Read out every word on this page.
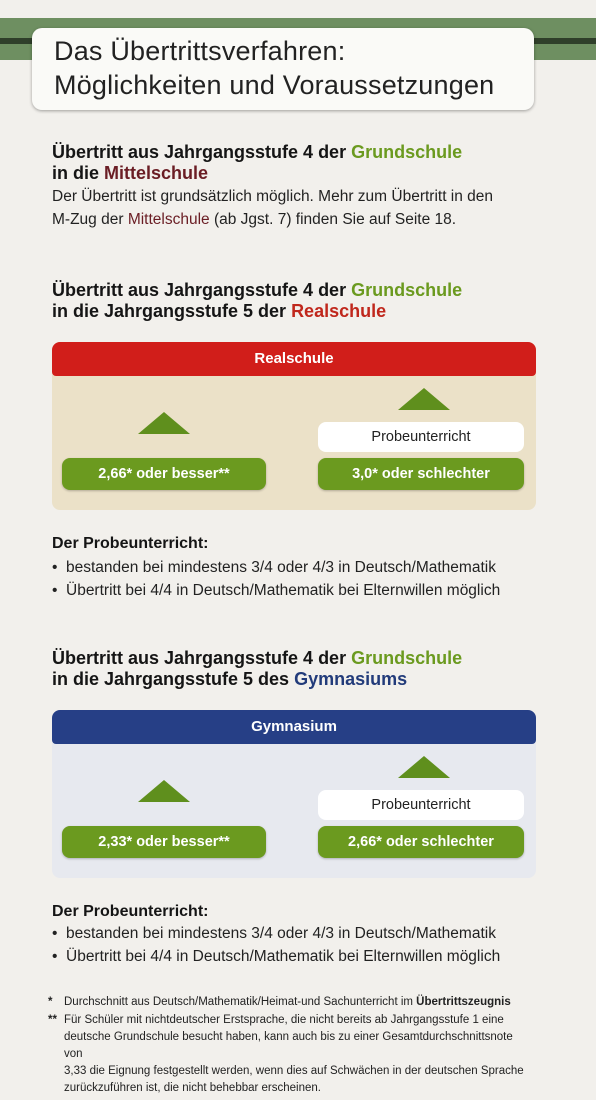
Das Übertrittsverfahren:
Möglichkeiten und Voraussetzungen
Übertritt aus Jahrgangsstufe 4 der Grundschule
in die Mittelschule
Der Übertritt ist grundsätzlich möglich. Mehr zum Übertritt in den
M-Zug der Mittelschule (ab Jgst. 7) finden Sie auf Seite 18.
Übertritt aus Jahrgangsstufe 4 der Grundschule
in die Jahrgangsstufe 5 der Realschule
Realschule
Probeunterricht
2,66* oder besser**	3,0* oder schlechter
Der Probeunterricht:
• bestanden bei mindestens 3/4 oder 4/3 in Deutsch/Mathematik
• Übertritt bei 4/4 in Deutsch/Mathematik bei Elternwillen möglich
Übertritt aus Jahrgangsstufe 4 der Grundschule
in die Jahrgangsstufe 5 des Gymnasiums
Gymnasium
Probeunterricht
2,33* oder besser**	2,66* oder schlechter
Der Probeunterricht:
• bestanden bei mindestens 3/4 oder 4/3 in Deutsch/Mathematik
• Übertritt bei 4/4 in Deutsch/Mathematik bei Elternwillen möglich
* Durchschnitt aus Deutsch/Mathematik/Heimat-und Sachunterricht im Übertrittszeugnis
** Für Schüler mit nichtdeutscher Erstsprache, die nicht bereits ab Jahrgangsstufe 1 eine
deutsche Grundschule besucht haben, kann auch bis zu einer Gesamtdurchschnittsnote von
3,33 die Eignung festgestellt werden, wenn dies auf Schwächen in der deutschen Sprache
zurückzuführen ist, die nicht behebbar erscheinen.
